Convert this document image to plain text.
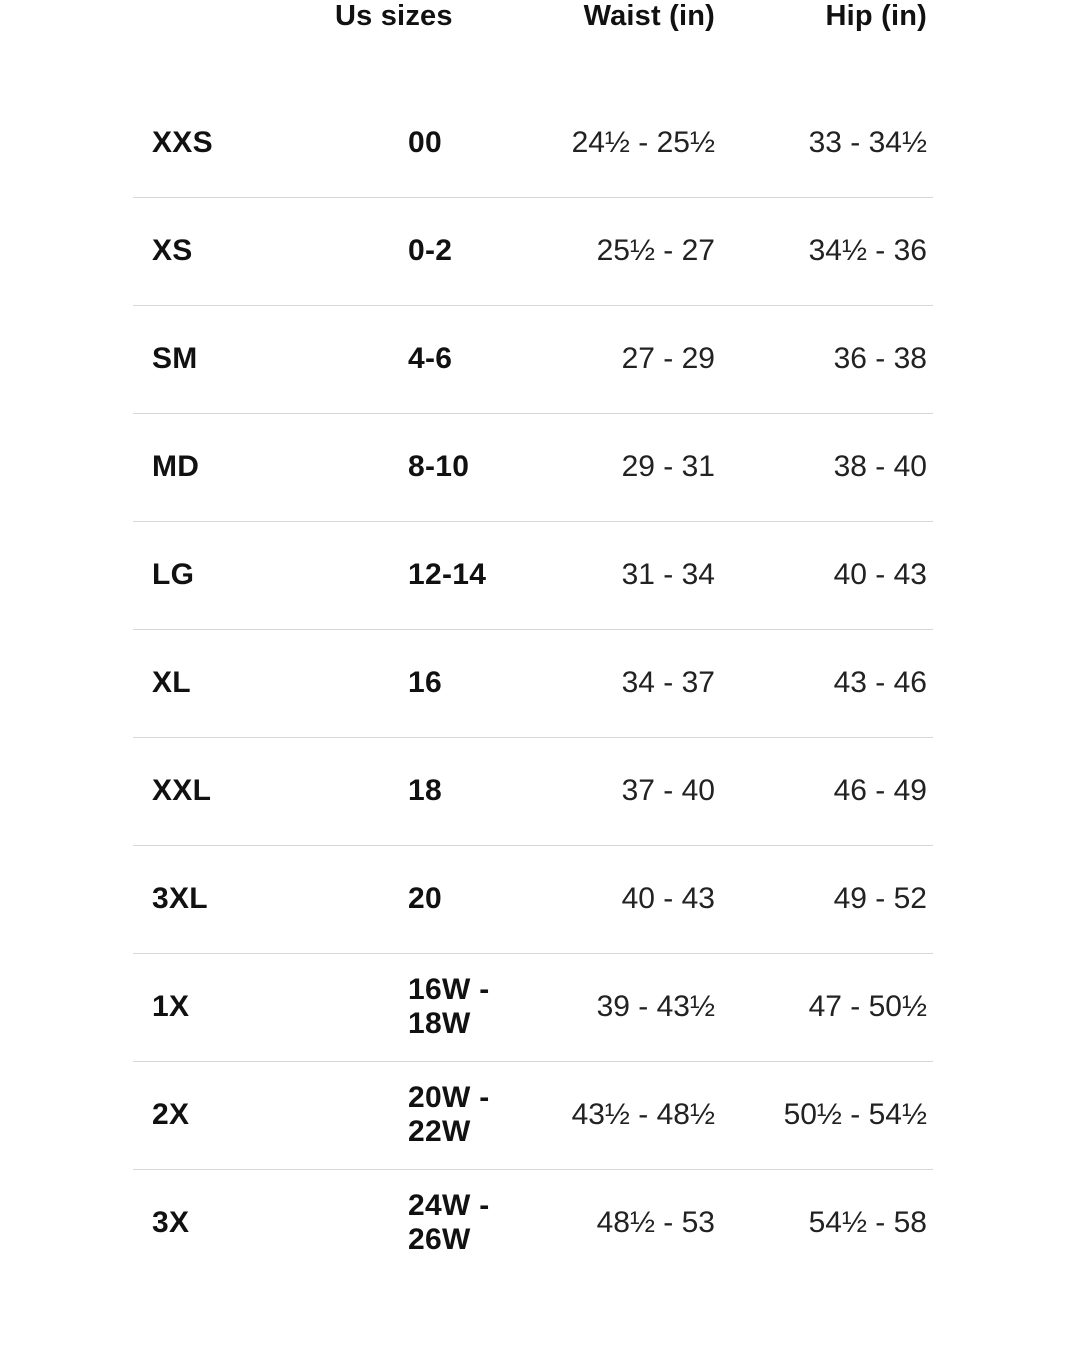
	Us sizes	Waist (in)	Hip (in)
XXS	00	24½ - 25½	33 - 34½
XS	0-2	25½ - 27	34½ - 36
SM	4-6	27 - 29	36 - 38
MD	8-10	29 - 31	38 - 40
LG	12-14	31 - 34	40 - 43
XL	16	34 - 37	43 - 46
XXL	18	37 - 40	46 - 49
3XL	20	40 - 43	49 - 52
1X	16W - 18W	39 - 43½	47 - 50½
2X	20W - 22W	43½ - 48½	50½ - 54½
3X	24W - 26W	48½ - 53	54½ - 58
